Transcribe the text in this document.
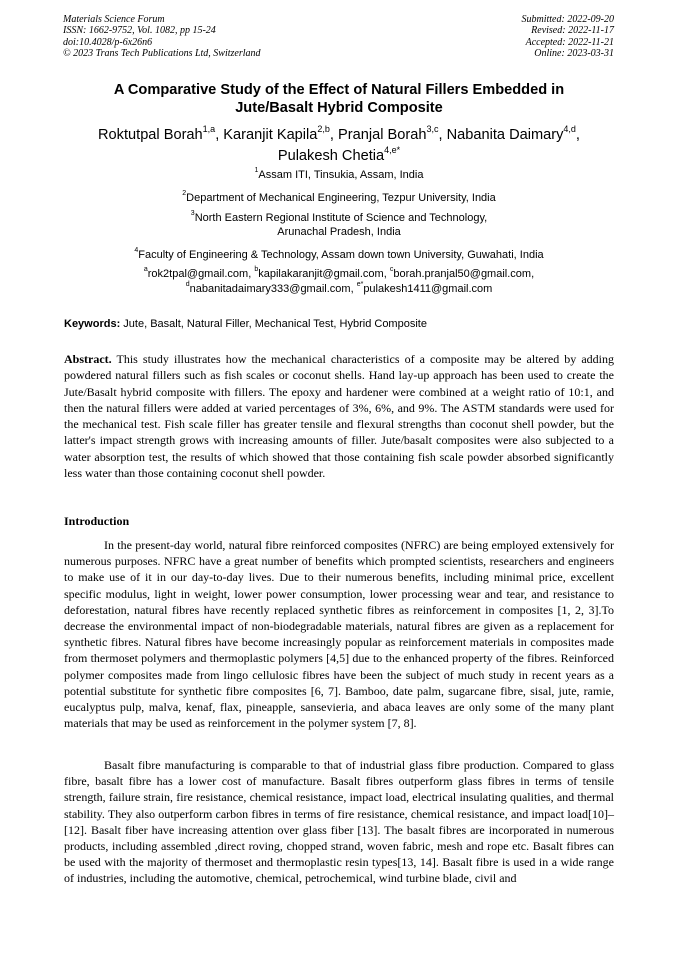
Materials Science Forum
ISSN: 1662-9752, Vol. 1082, pp 15-24
doi:10.4028/p-6x26n6
© 2023 Trans Tech Publications Ltd, Switzerland
Submitted: 2022-09-20
Revised: 2022-11-17
Accepted: 2022-11-21
Online: 2023-03-31
A Comparative Study of the Effect of Natural Fillers Embedded in
Jute/Basalt Hybrid Composite
Roktutpal Borah$^{1,a}$, Karanjit Kapila$^{2,b}$, Pranjal Borah$^{3,c}$, Nabanita Daimary$^{4,d}$,
Pulakesh Chetia$^{4,e*}$
$^1$Assam ITI, Tinsukia, Assam, India
$^2$Department of Mechanical Engineering, Tezpur University, India
$^3$North Eastern Regional Institute of Science and Technology,
Arunachal Pradesh, India
$^4$Faculty of Engineering & Technology, Assam down town University, Guwahati, India
$^a$rok2tpal@gmail.com, $^b$kapilakaranjit@gmail.com, $^c$borah.pranjal50@gmail.com,
$^d$nabanitadaimary333@gmail.com, $^{e*}$pulakesh1411@gmail.com
Keywords: Jute, Basalt, Natural Filler, Mechanical Test, Hybrid Composite
Abstract. This study illustrates how the mechanical characteristics of a composite may be altered by adding powdered natural fillers such as fish scales or coconut shells. Hand lay-up approach has been used to create the Jute/Basalt hybrid composite with fillers. The epoxy and hardener were combined at a weight ratio of 10:1, and then the natural fillers were added at varied percentages of 3%, 6%, and 9%. The ASTM standards were used for the mechanical test. Fish scale filler has greater tensile and flexural strengths than coconut shell powder, but the latter's impact strength grows with increasing amounts of filler. Jute/basalt composites were also subjected to a water absorption test, the results of which showed that those containing fish scale powder absorbed significantly less water than those containing coconut shell powder.
Introduction
In the present-day world, natural fibre reinforced composites (NFRC) are being employed extensively for numerous purposes. NFRC have a great number of benefits which prompted scientists, researchers and engineers to make use of it in our day-to-day lives. Due to their numerous benefits, including minimal price, excellent specific modulus, light in weight, lower power consumption, lower processing wear and tear, and resistance to deforestation, natural fibres have recently replaced synthetic fibres as reinforcement in composites [1, 2, 3].To decrease the environmental impact of non-biodegradable materials, natural fibres are given as a replacement for synthetic fibres. Natural fibres have become increasingly popular as reinforcement materials in composites made from thermoset polymers and thermoplastic polymers [4,5] due to the enhanced property of the fibres. Reinforced polymer composites made from lingo cellulosic fibres have been the subject of much study in recent years as a potential substitute for synthetic fibre composites [6, 7]. Bamboo, date palm, sugarcane fibre, sisal, jute, ramie, eucalyptus pulp, malva, kenaf, flax, pineapple, sansevieria, and abaca leaves are only some of the many plant materials that may be used as reinforcement in the polymer system [7, 8].
Basalt fibre manufacturing is comparable to that of industrial glass fibre production. Compared to glass fibre, basalt fibre has a lower cost of manufacture. Basalt fibres outperform glass fibres in terms of tensile strength, failure strain, fire resistance, chemical resistance, impact load, electrical insulating qualities, and thermal stability. They also outperform carbon fibres in terms of fire resistance, chemical resistance, and impact load[10]–[12]. Basalt fiber have increasing attention over glass fiber [13]. The basalt fibres are incorporated in numerous products, including assembled ,direct roving, chopped strand, woven fabric, mesh and rope etc. Basalt fibres can be used with the majority of thermoset and thermoplastic resin types[13, 14]. Basalt fibre is used in a wide range of industries, including the automotive, chemical, petrochemical, wind turbine blade, civil and
